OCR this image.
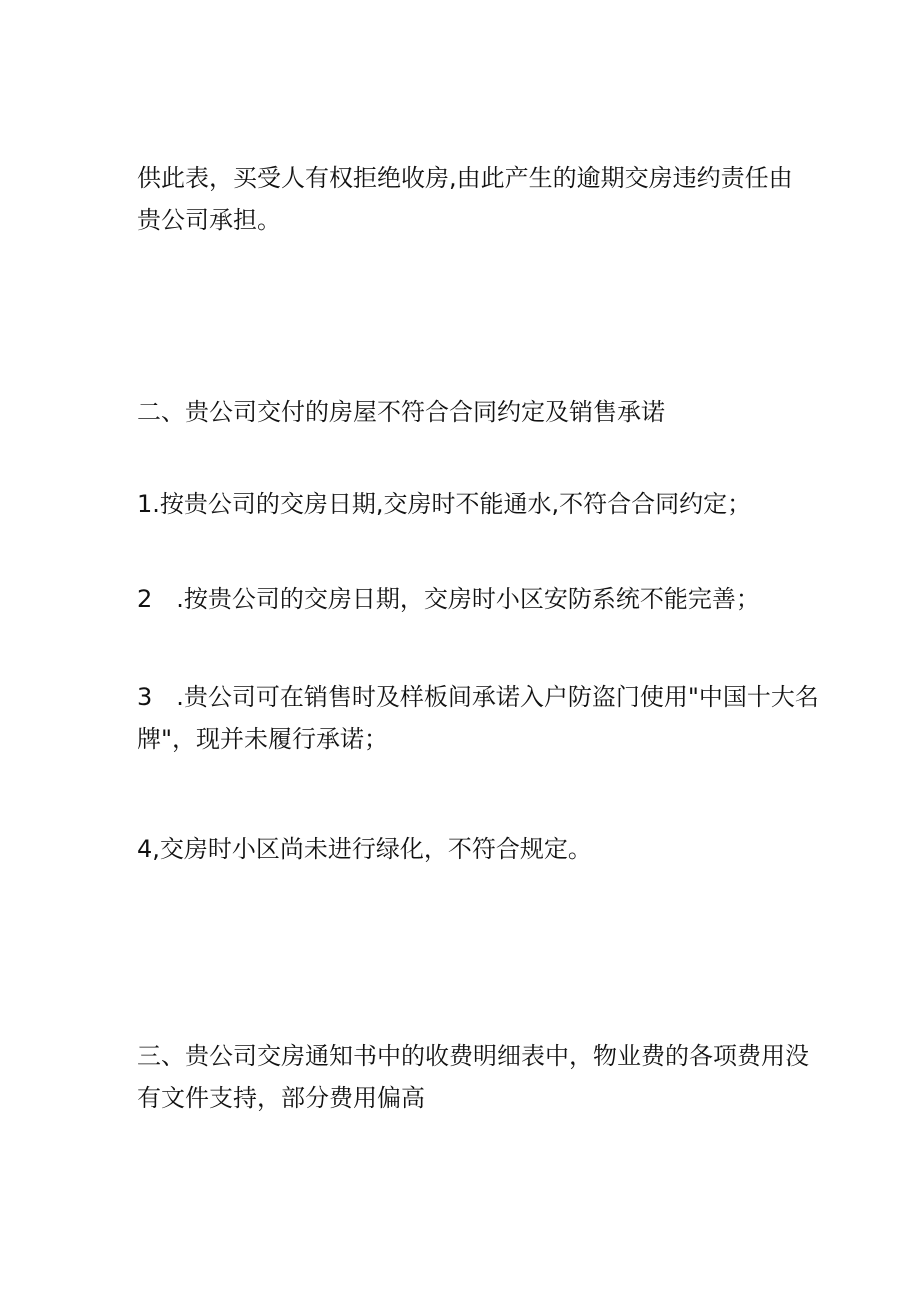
供此表，买受人有权拒绝收房,由此产生的逾期交房违约责任由
贵公司承担。

二、贵公司交付的房屋不符合合同约定及销售承诺

1.按贵公司的交房日期,交房时不能通水,不符合合同约定；

2　.按贵公司的交房日期，交房时小区安防系统不能完善；

3　.贵公司可在销售时及样板间承诺入户防盗门使用"中国十大名
牌"，现并未履行承诺；

4,交房时小区尚未进行绿化，不符合规定。

三、贵公司交房通知书中的收费明细表中，物业费的各项费用没
有文件支持，部分费用偏高
